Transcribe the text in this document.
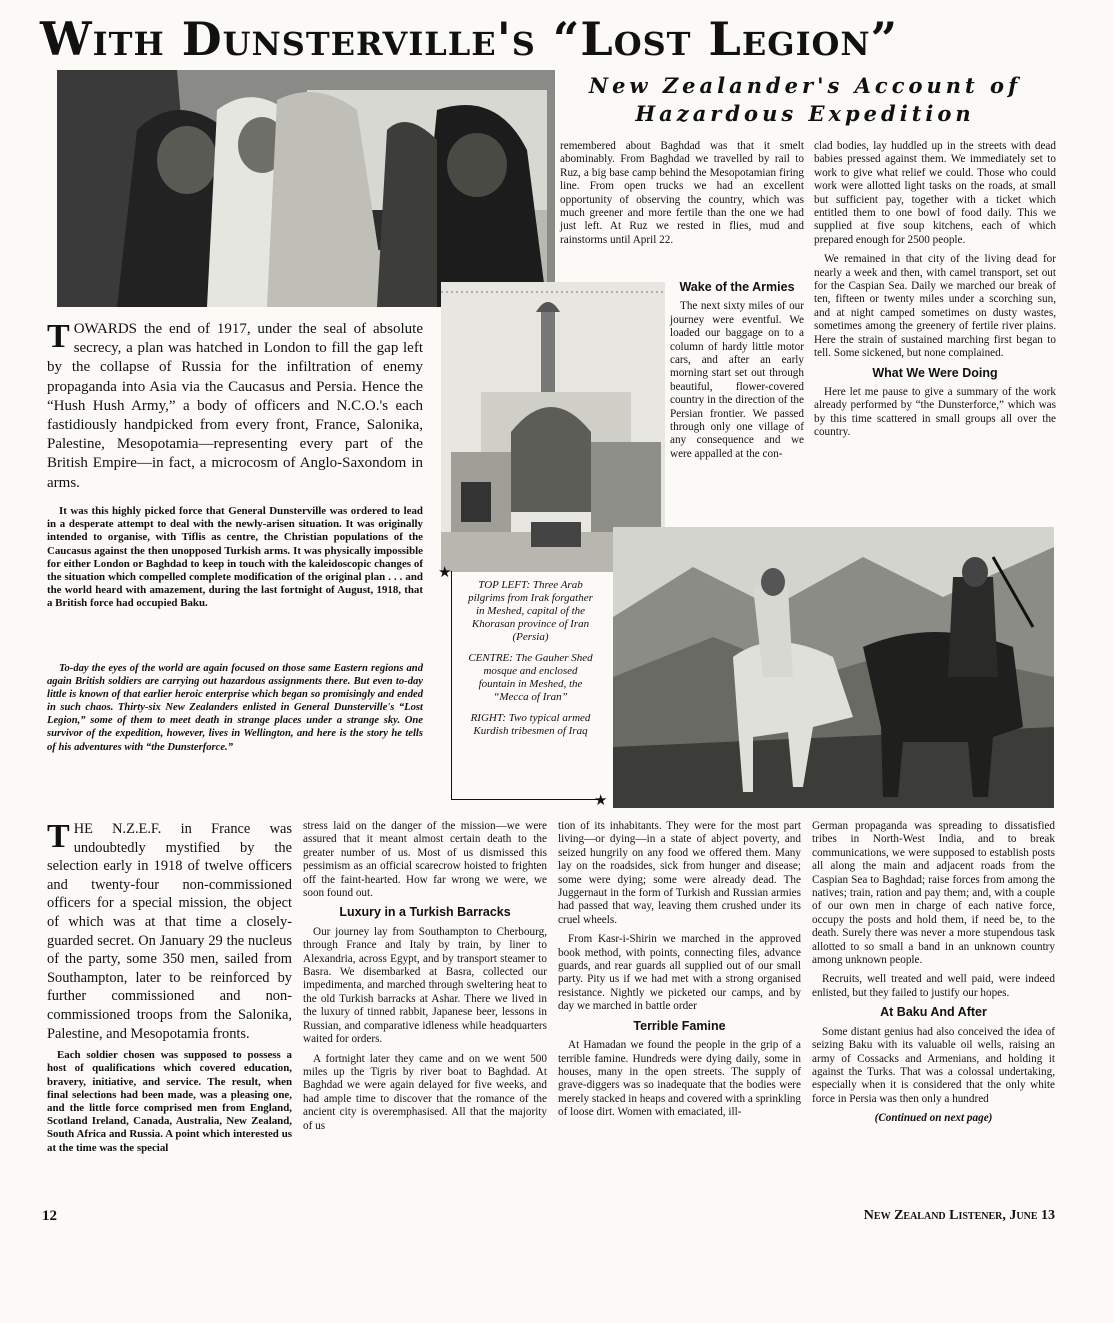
With Dunsterville's “Lost Legion”
New Zealander's Account of
Hazardous Expedition
★
★

TOP LEFT: Three Arab pilgrims from Irak forgather in Meshed, capital of the Khorasan province of Iran (Persia)

CENTRE: The Gauher Shed mosque and enclosed fountain in Meshed, the “Mecca of Iran”

RIGHT: Two typical armed Kurdish tribesmen of Iraq

T OWARDS the end of 1917, under the seal of absolute secrecy, a plan was hatched in London to fill the gap left by the collapse of Russia for the infiltration of enemy propaganda into Asia via the Caucasus and Persia. Hence the “Hush Hush Army,” a body of officers and N.C.O.'s each fastidiously handpicked from every front, France, Salonika, Palestine, Mesopotamia—representing every part of the British Empire—in fact, a microcosm of Anglo-Saxondom in arms.

It was this highly picked force that General Dunsterville was ordered to lead in a desperate attempt to deal with the newly-arisen situation. It was originally intended to organise, with Tiflis as centre, the Christian populations of the Caucasus against the then unopposed Turkish arms. It was physically impossible for either London or Baghdad to keep in touch with the kaleidoscopic changes of the situation which compelled complete modification of the original plan . . . and the world heard with amazement, during the last fortnight of August, 1918, that a British force had occupied Baku.

To-day the eyes of the world are again focused on those same Eastern regions and again British soldiers are carrying out hazardous assignments there. But even to-day little is known of that earlier heroic enterprise which began so promisingly and ended in such chaos. Thirty-six New Zealanders enlisted in General Dunsterville's “Lost Legion,” some of them to meet death in strange places under a strange sky. One survivor of the expedition, however, lives in Wellington, and here is the story he tells of his adventures with “the Dunsterforce.”

remembered about Baghdad was that it smelt abominably. From Baghdad we travelled by rail to Ruz, a big base camp behind the Mesopotamian firing line. From open trucks we had an excellent opportunity of observing the country, which was much greener and more fertile than the one we had just left. At Ruz we rested in flies, mud and rainstorms until April 22.

Wake of the Armies

The next sixty miles of our journey were eventful. We loaded our baggage on to a column of hardy little motor cars, and after an early morning start set out through beautiful, flower-covered country in the direction of the Persian frontier. We passed through only one village of any consequence and we were appalled at the con-

clad bodies, lay huddled up in the streets with dead babies pressed against them. We immediately set to work to give what relief we could. Those who could work were allotted light tasks on the roads, at small but sufficient pay, together with a ticket which entitled them to one bowl of food daily. This we supplied at five soup kitchens, each of which prepared enough for 2500 people.

We remained in that city of the living dead for nearly a week and then, with camel transport, set out for the Caspian Sea. Daily we marched our break of ten, fifteen or twenty miles under a scorching sun, and at night camped sometimes on dusty wastes, sometimes among the greenery of fertile river plains. Here the strain of sustained marching first began to tell. Some sickened, but none complained.

What We Were Doing

Here let me pause to give a summary of the work already performed by “the Dunsterforce,” which was by this time scattered in small groups all over the country.

T HE N.Z.E.F. in France was undoubtedly mystified by the selection early in 1918 of twelve officers and twenty-four non-commissioned officers for a special mission, the object of which was at that time a closely-guarded secret. On January 29 the nucleus of the party, some 350 men, sailed from Southampton, later to be reinforced by further commissioned and non-commissioned troops from the Salonika, Palestine, and Mesopotamia fronts.

Each soldier chosen was supposed to possess a host of qualifications which covered education, bravery, initiative, and service. The result, when final selections had been made, was a pleasing one, and the little force comprised men from England, Scotland Ireland, Canada, Australia, New Zealand, South Africa and Russia. A point which interested us at the time was the special

stress laid on the danger of the mission—we were assured that it meant almost certain death to the greater number of us. Most of us dismissed this pessimism as an official scarecrow hoisted to frighten off the faint-hearted. How far wrong we were, we soon found out.

Luxury in a Turkish Barracks

Our journey lay from Southampton to Cherbourg, through France and Italy by train, by liner to Alexandria, across Egypt, and by transport steamer to Basra. We disembarked at Basra, collected our impedimenta, and marched through sweltering heat to the old Turkish barracks at Ashar. There we lived in the luxury of tinned rabbit, Japanese beer, lessons in Russian, and comparative idleness while headquarters waited for orders.

A fortnight later they came and on we went 500 miles up the Tigris by river boat to Baghdad. At Baghdad we were again delayed for five weeks, and had ample time to discover that the romance of the ancient city is overemphasised. All that the majority of us

tion of its inhabitants. They were for the most part living—or dying—in a state of abject poverty, and seized hungrily on any food we offered them. Many lay on the roadsides, sick from hunger and disease; some were dying; some were already dead. The Juggernaut in the form of Turkish and Russian armies had passed that way, leaving them crushed under its cruel wheels.

From Kasr-i-Shirin we marched in the approved book method, with points, connecting files, advance guards, and rear guards all supplied out of our small party. Pity us if we had met with a strong organised resistance. Nightly we picketed our camps, and by day we marched in battle order

Terrible Famine

At Hamadan we found the people in the grip of a terrible famine. Hundreds were dying daily, some in houses, many in the open streets. The supply of grave-diggers was so inadequate that the bodies were merely stacked in heaps and covered with a sprinkling of loose dirt. Women with emaciated, ill-

German propaganda was spreading to dissatisfied tribes in North-West India, and to break communications, we were supposed to establish posts all along the main and adjacent roads from the Caspian Sea to Baghdad; raise forces from among the natives; train, ration and pay them; and, with a couple of our own men in charge of each native force, occupy the posts and hold them, if need be, to the death. Surely there was never a more stupendous task allotted to so small a band in an unknown country among unknown people.

Recruits, well treated and well paid, were indeed enlisted, but they failed to justify our hopes.

At Baku And After

Some distant genius had also conceived the idea of seizing Baku with its valuable oil wells, raising an army of Cossacks and Armenians, and holding it against the Turks. That was a colossal undertaking, especially when it is considered that the only white force in Persia was then only a hundred

(Continued on next page)
12	New Zealand Listener, June 13
